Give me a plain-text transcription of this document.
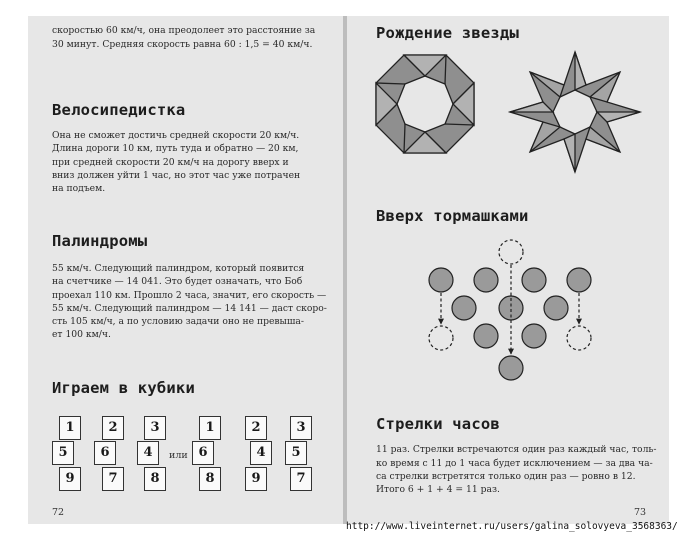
скоростью 60 км/ч, она преодолеет это расстояние за

30 минут. Средняя скорость равна 60 : 1,5 = 40 км/ч.

Велосипедистка

Она не сможет достичь средней скорости 20 км/ч.

Длина дороги 10 км, путь туда и обратно — 20 км,

при средней скорости 20 км/ч на дорогу вверх и

вниз должен уйти 1 час, но этот час уже потрачен

на подъем.

Палиндромы

55 км/ч. Следующий палиндром, который появится

на счетчике — 14 041. Это будет означать, что Боб

проехал 110 км. Прошло 2 часа, значит, его скорость —

55 км/ч. Следующий палиндром — 14 141 — даст скоро-

сть 105 км/ч, а по условию задачи оно не превыша-

ет 100 км/ч.

Играем в кубики
1	2	3
5	6	4
9	7	8
или
1	2	3
6	4	5
8	9	7

72

Рождение звезды
Вверх тормашками
Стрелки часов

11 раз. Стрелки встречаются один раз каждый час, толь-

ко время с 11 до 1 часа будет исключением — за два ча-

са стрелки встретятся только один раз — ровно в 12.

Итого 6 + 1 + 4 = 11 раз.

73

http://www.liveinternet.ru/users/galina_solovyeva_3568363/
